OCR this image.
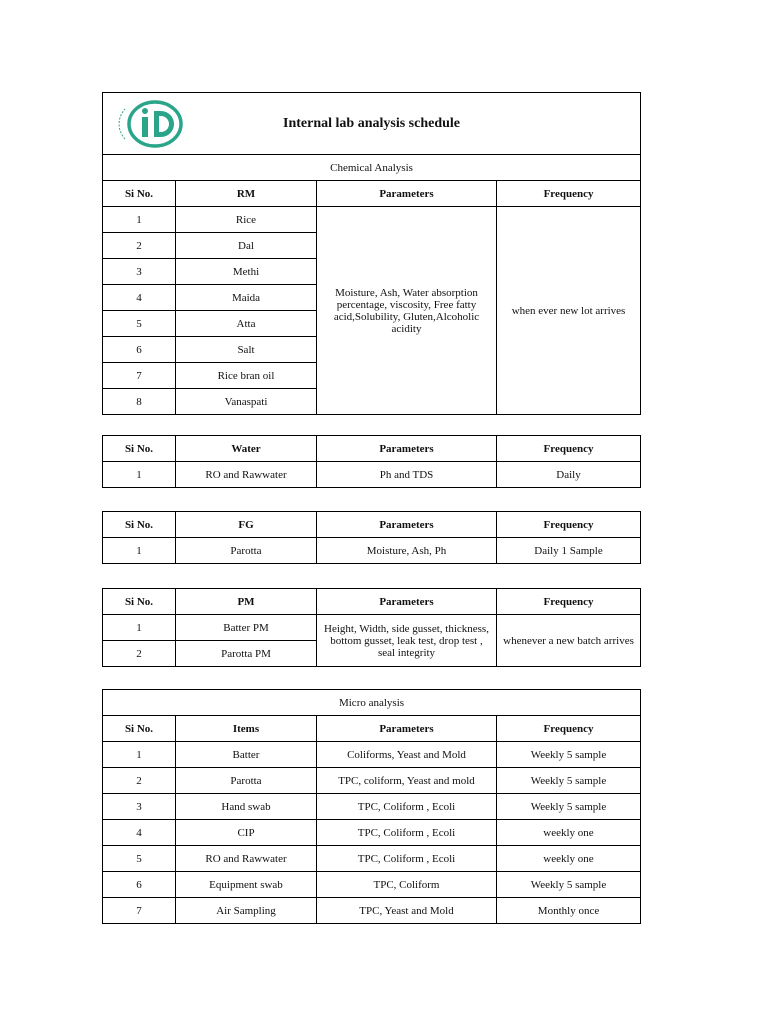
Internal lab analysis schedule			
Chemical Analysis			
Si No.	RM	Parameters	Frequency
1	Rice	Moisture, Ash, Water absorption percentage, viscosity, Free fatty acid,Solubility, Gluten,Alcoholic acidity	when ever new lot arrives
2	Dal		
3	Methi		
4	Maida		
5	Atta		
6	Salt		
7	Rice bran oil		
8	Vanaspati		
Si No.	Water	Parameters	Frequency
1	RO and Rawwater	Ph and TDS	Daily
Si No.	FG	Parameters	Frequency
1	Parotta	Moisture, Ash, Ph	Daily 1 Sample
Si No.	PM	Parameters	Frequency
1	Batter PM	Height, Width, side gusset, thickness, bottom gusset, leak test, drop test , seal integrity	whenever a new batch arrives
2	Parotta PM		
Micro analysis			
Si No.	Items	Parameters	Frequency
1	Batter	Coliforms, Yeast and Mold	Weekly 5 sample
2	Parotta	TPC, coliform, Yeast and mold	Weekly 5 sample
3	Hand swab	TPC, Coliform , Ecoli	Weekly 5 sample
4	CIP	TPC, Coliform , Ecoli	weekly one
5	RO and Rawwater	TPC, Coliform , Ecoli	weekly one
6	Equipment swab	TPC, Coliform	Weekly 5 sample
7	Air Sampling	TPC, Yeast and Mold	Monthly once
